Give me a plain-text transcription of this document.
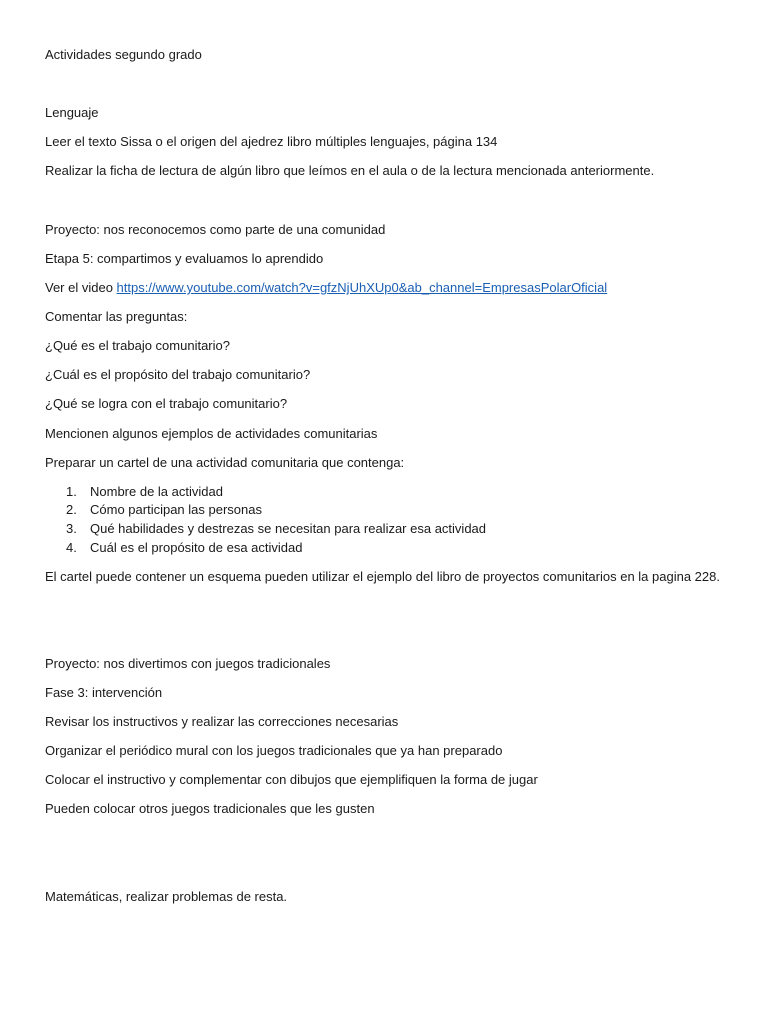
Actividades segundo grado
Lenguaje
Leer el texto Sissa o el origen del ajedrez libro múltiples lenguajes, página 134
Realizar la ficha de lectura de algún libro que leímos en el aula o de la lectura mencionada anteriormente.
Proyecto: nos reconocemos como parte de una comunidad
Etapa 5: compartimos y evaluamos lo aprendido
Ver el video https://www.youtube.com/watch?v=gfzNjUhXUp0&ab_channel=EmpresasPolarOficial
Comentar las preguntas:
¿Qué es el trabajo comunitario?
¿Cuál es el propósito del trabajo comunitario?
¿Qué se logra con el trabajo comunitario?
Mencionen algunos ejemplos de actividades comunitarias
Preparar un cartel de una actividad comunitaria que contenga:
1. Nombre de la actividad
2. Cómo participan las personas
3. Qué habilidades y destrezas se necesitan para realizar esa actividad
4. Cuál es el propósito de esa actividad
El cartel puede contener un esquema pueden utilizar el ejemplo del libro de proyectos comunitarios en la pagina 228.
Proyecto: nos divertimos con juegos tradicionales
Fase 3: intervención
Revisar los instructivos y realizar las correcciones necesarias
Organizar el periódico mural con los juegos tradicionales que ya han preparado
Colocar el instructivo y complementar con dibujos que ejemplifiquen la forma de jugar
Pueden colocar otros juegos tradicionales que les gusten
Matemáticas, realizar problemas de resta.
